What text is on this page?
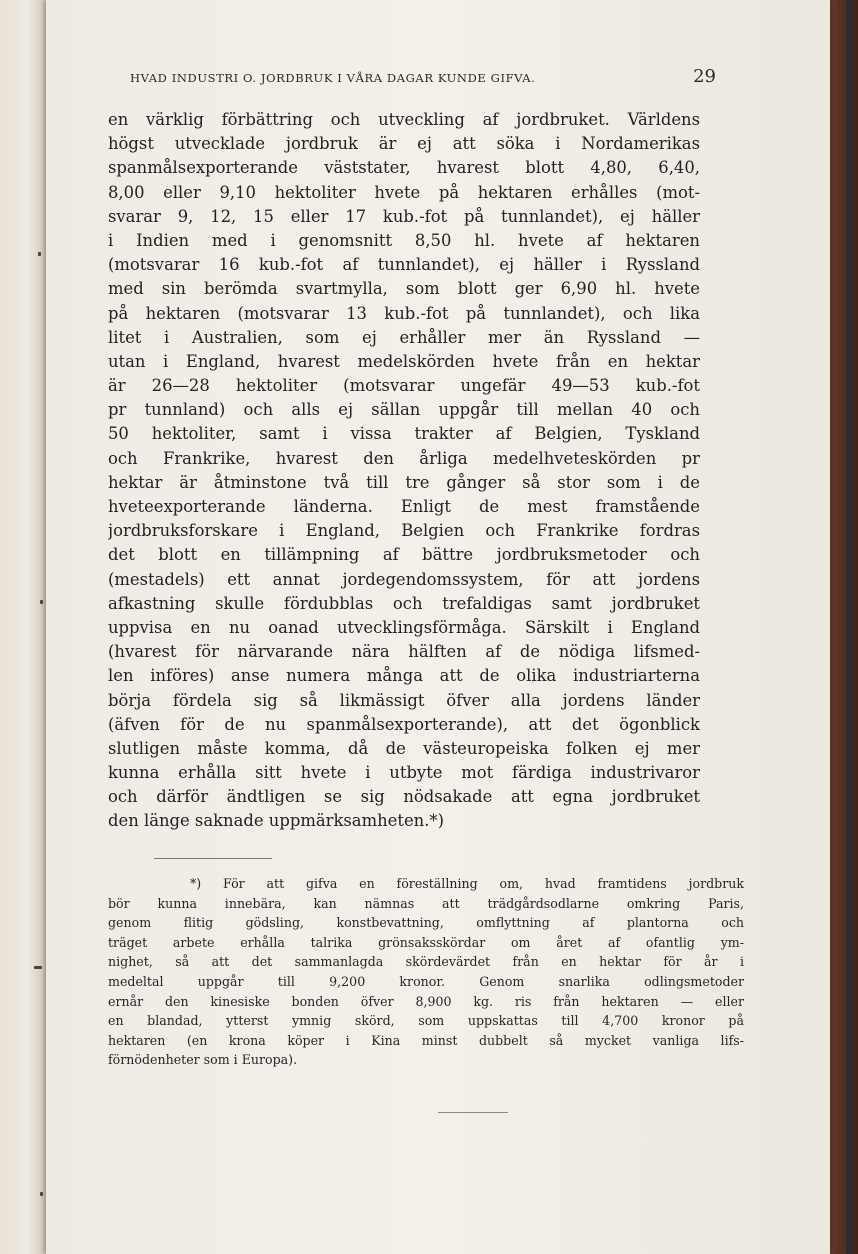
HVAD INDUSTRI O. JORDBRUK I VÅRA DAGAR KUNDE GIFVA.	29
en värklig förbättring och utveckling af jordbruket. Världens
högst utvecklade jordbruk är ej att söka i Nordamerikas
spanmålsexporterande väststater, hvarest blott 4,80, 6,40,
8,00 eller 9,10 hektoliter hvete på hektaren erhålles (mot-
svarar 9, 12, 15 eller 17 kub.-fot på tunnlandet), ej häller
i Indien med i genomsnitt 8,50 hl. hvete af hektaren
(motsvarar 16 kub.-fot af tunnlandet), ej häller i Ryssland
med sin berömda svartmylla, som blott ger 6,90 hl. hvete
på hektaren (motsvarar 13 kub.-fot på tunnlandet), och lika
litet i Australien, som ej erhåller mer än Ryssland —
utan i England, hvarest medelskörden hvete från en hektar
är 26—28 hektoliter (motsvarar ungefär 49—53 kub.-fot
pr tunnland) och alls ej sällan uppgår till mellan 40 och
50 hektoliter, samt i vissa trakter af Belgien, Tyskland
och Frankrike, hvarest den årliga medelhveteskörden pr
hektar är åtminstone två till tre gånger så stor som i de
hveteexporterande länderna. Enligt de mest framstående
jordbruksforskare i England, Belgien och Frankrike fordras
det blott en tillämpning af bättre jordbruksmetoder och
(mestadels) ett annat jordegendomssystem, för att jordens
afkastning skulle fördubblas och trefaldigas samt jordbruket
uppvisa en nu oanad utvecklingsförmåga. Särskilt i England
(hvarest för närvarande nära hälften af de nödiga lifsmed-
len införes) anse numera många att de olika industriarterna
börja fördela sig så likmässigt öfver alla jordens länder
(äfven för de nu spanmålsexporterande), att det ögonblick
slutligen måste komma, då de västeuropeiska folken ej mer
kunna erhålla sitt hvete i utbyte mot färdiga industrivaror
och därför ändtligen se sig nödsakade att egna jordbruket
den länge saknade uppmärksamheten.*)
*) För att gifva en föreställning om, hvad framtidens jordbruk
bör kunna innebära, kan nämnas att trädgårdsodlarne omkring Paris,
genom flitig gödsling, konstbevattning, omflyttning af plantorna och
träget arbete erhålla talrika grönsaksskördar om året af ofantlig ym-
nighet, så att det sammanlagda skördevärdet från en hektar för år i
medeltal uppgår till 9,200 kronor. Genom snarlika odlingsmetoder
ernår den kinesiske bonden öfver 8,900 kg. ris från hektaren — eller
en blandad, ytterst ymnig skörd, som uppskattas till 4,700 kronor på
hektaren (en krona köper i Kina minst dubbelt så mycket vanliga lifs-
förnödenheter som i Europa).
